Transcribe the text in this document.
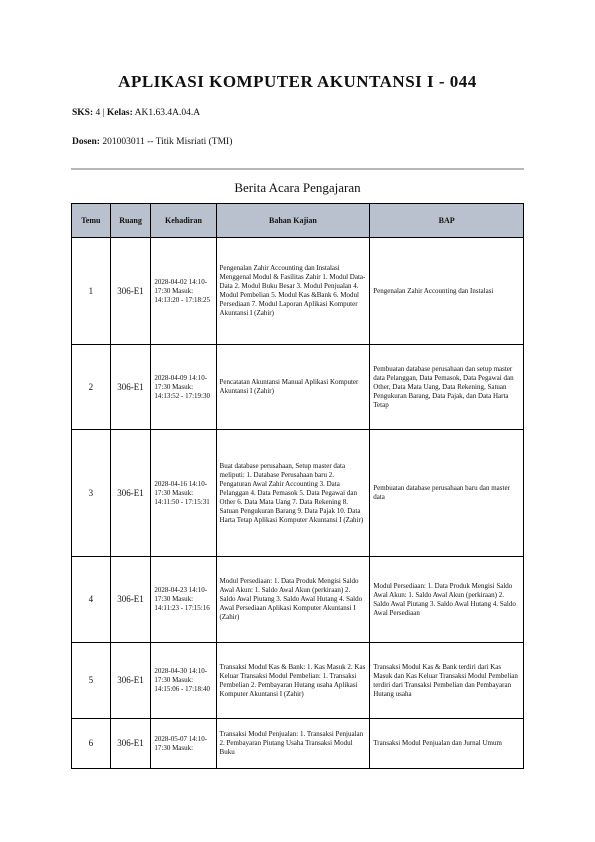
APLIKASI KOMPUTER AKUNTANSI I - 044
SKS: 4 | Kelas: AK1.63.4A.04.A
Dosen: 201003011 -- Titik Misriati (TMI)
Berita Acara Pengajaran
Temu	Ruang	Kehadiran	Bahan Kajian	BAP
1	306-E1	2028-04-02 14:10-17:30 Masuk: 14:13:20 - 17:18:25	Pengenalan Zahir Accounting dan Instalasi Menggenal Modul & Fasilitas Zahir 1. Modul Data-Data 2. Modul Buku Besar 3. Modul Penjualan 4. Modul Pembelian 5. Modul Kas &Bank 6. Modul Persediaan 7. Modul Laporan Aplikasi Komputer Akuntansi I (Zahir)	Pengenalan Zahir Accounting dan Instalasi
2	306-E1	2028-04-09 14:10-17:30 Masuk: 14:13:52 - 17:19:30	Pencatatan Akuntansi Manual Aplikasi Komputer Akuntansi I (Zahir)	Pembuatan database perusahaan dan setup master data Pelanggan, Data Pemasok, Data Pegawai dan Other, Data Mata Uang, Data Rekening, Satuan Pengukuran Barang, Data Pajak, dan Data Harta Tetap
3	306-E1	2028-04-16 14:10-17:30 Masuk: 14:11:50 - 17:15:31	Buat database perusahaan, Setup master data meliputi: 1. Database Perusahaan baru 2. Pengaturan Awal Zahir Accounting 3. Data Pelanggan 4. Data Pemasok 5. Data Pegawai dan Other 6. Data Mata Uang 7. Data Rekening 8. Satuan Pengukuran Barang 9. Data Pajak 10. Data Harta Tetap Aplikasi Komputer Akuntansi I (Zahir)	Pembuatan database perusahaan baru dan master data
4	306-E1	2028-04-23 14:10-17:30 Masuk: 14:11:23 - 17:15:16	Modul Persediaan: 1. Data Produk Mengisi Saldo Awal Akun: 1. Saldo Awal Akun (perkiraan) 2. Saldo Awal Piutang 3. Saldo Awal Hutang 4. Saldo Awal Persediaan Aplikasi Komputer Akuntansi I (Zahir)	Modul Persediaan: 1. Data Produk Mengisi Saldo Awal Akun: 1. Saldo Awal Akun (perkiraan) 2. Saldo Awal Piutang 3. Saldo Awal Hutang 4. Saldo Awal Persediaan
5	306-E1	2028-04-30 14:10-17:30 Masuk: 14:15:06 - 17:18:40	Transaksi Modul Kas & Bank: 1. Kas Masuk 2. Kas Keluar Transaksi Modul Pembelian: 1. Transaksi Pembelian 2. Pembayaran Hutang usaha Aplikasi Komputer Akuntansi I (Zahir)	Transaksi Modul Kas & Bank terdiri dari Kas Masuk dan Kas Keluar Transaksi Modul Pembelian terdiri dari Transaksi Pembelian dan Pembayaran Hutang usaha
6	306-E1	2028-05-07 14:10-17:30 Masuk:	Transaksi Modul Penjualan: 1. Transaksi Penjualan 2. Pembayaran Piutang Usaha Transaksi Modul Buku	Transaksi Modul Penjualan dan Jurnal Umum
